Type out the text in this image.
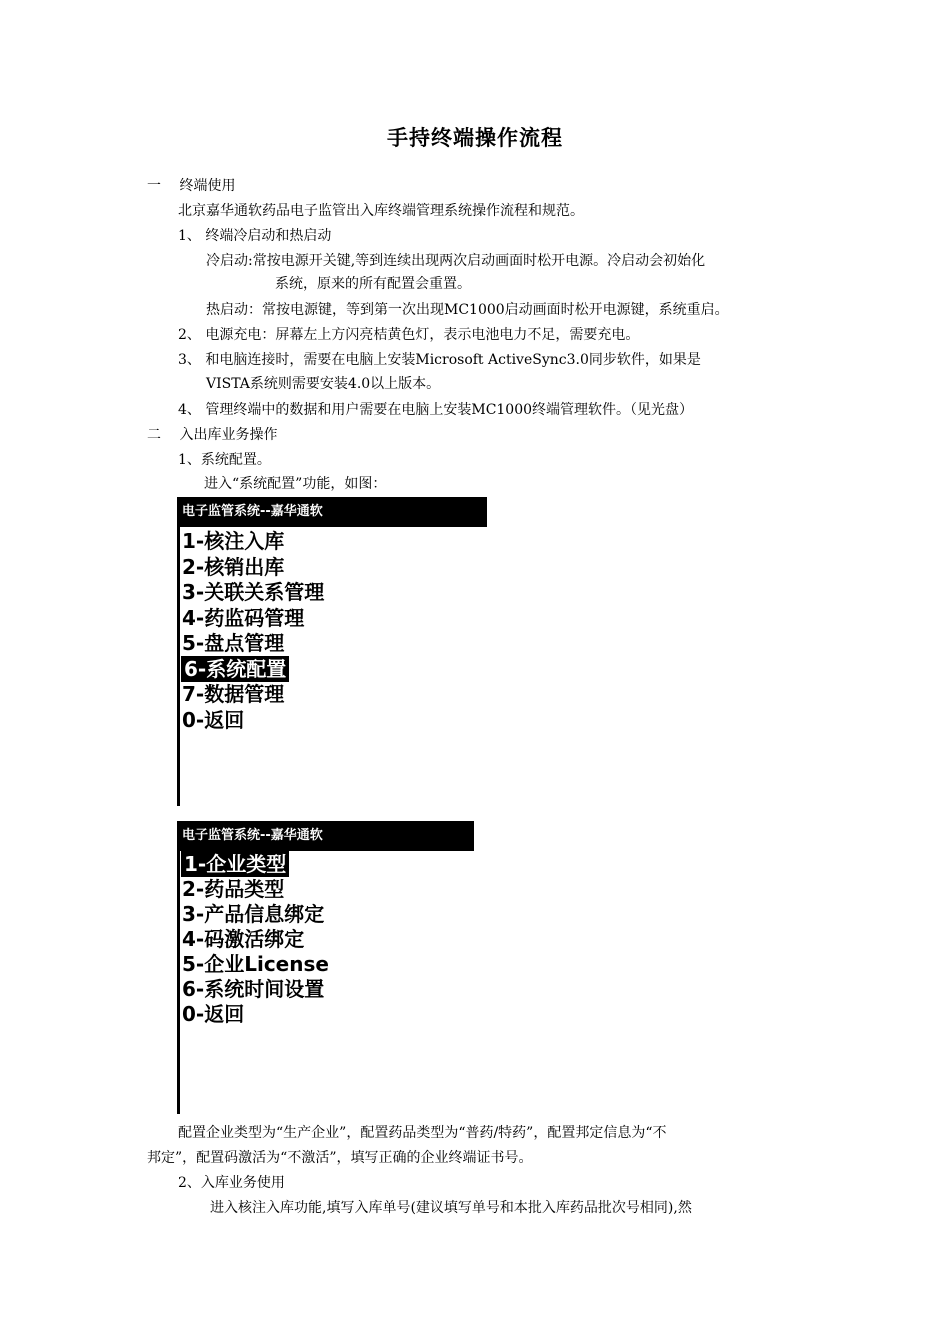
手持终端操作流程
一　 终端使用
北京嘉华通软药品电子监管出入库终端管理系统操作流程和规范。
1、 终端冷启动和热启动
冷启动:常按电源开关键,等到连续出现两次启动画面时松开电源。冷启动会初始化
系统，原来的所有配置会重置。
热启动：常按电源键，等到第一次出现MC1000启动画面时松开电源键，系统重启。
2、 电源充电：屏幕左上方闪亮桔黄色灯，表示电池电力不足，需要充电。
3、 和电脑连接时，需要在电脑上安装Microsoft ActiveSync3.0同步软件，如果是
VISTA系统则需要安装4.0以上版本。
4、 管理终端中的数据和用户需要在电脑上安装MC1000终端管理软件。（见光盘）
二　 入出库业务操作
1、系统配置。
进入“系统配置”功能，如图：
电子监管系统--嘉华通软
1-核注入库
2-核销出库
3-关联关系管理
4-药监码管理
5-盘点管理
6-系统配置
7-数据管理
0-返回
电子监管系统--嘉华通软
1-企业类型
2-药品类型
3-产品信息绑定
4-码激活绑定
5-企业License
6-系统时间设置
0-返回
配置企业类型为“生产企业”，配置药品类型为“普药/特药”，配置邦定信息为“不
邦定”，配置码激活为“不激活”，填写正确的企业终端证书号。
2、入库业务使用
进入核注入库功能,填写入库单号(建议填写单号和本批入库药品批次号相同),然
